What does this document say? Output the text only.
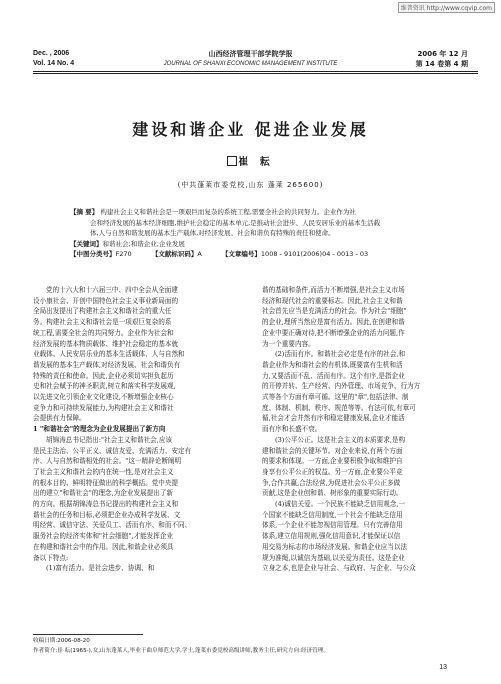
维普资讯 http://www.cqvip.com
Dec. , 2006
Vol. 14 No. 4
山西经济管理干部学院学报
JOURNAL OF SHANXI ECONOMIC MANAGEMENT INSTITUTE
2006 年 12 月
第 14 卷第 4 期
建设和谐企业 促进企业发展
崔 耘
(中共蓬莱市委党校,山东 蓬莱 265600)
【摘 要】 构建社会主义和谐社会是一项艰巨而复杂的系统工程,需要全社会的共同努力。企业作为社
会和经济发展的基本经济细胞,维护社会稳定的基本单元,是推动社会进步、人民安居乐业的基本生活载
体,人与自然和谐发展的基本生产载体,对经济发展、社会和谐负有特殊的责任和使命。
【关键词】和谐社会;和谐企业;企业发展
【中图分类号】F270	【文献标识码】A	【文章编号】1008 - 9101(2006)04 - 0013 - 03
党的十六大和十六届三中、四中全会从全面建
设小康社会、开创中国特色社会主义事业新局面的
全局出发提出了构建社会主义和谐社会的重大任
务。构建社会主义和谐社会是一项艰巨复杂的系
统工程,需要全社会的共同努力。企业作为社会和
经济发展的基本物质载体、维护社会稳定的基本就
业载体、人民安居乐业的基本生活载体、人与自然和
谐发展的基本生产载体,对经济发展、社会和谐负有
特殊的责任和使命。因此,企业必须切实担负起历
史和社会赋予的神圣职责,树立和落实科学发展观,
以先进文化引领企业文化建设,不断增强企业核心
竞争力和可持续发展能力,为构建社会主义和谐社
会提供有力保障。
1 "和谐社会"的理念为企业发展提出了新方向
胡锦涛总书记指出:"社会主义和谐社会,应该
是民主法治、公平正义、诚信友爱、充满活力、安定有
序、人与自然和谐相处的社会。"这一精辟论断阐明
了社会主义和谐社会的内在统一性,是对社会主义
的根本目的、鲜明特征做出的科学概括。党中央提
出的建立"和谐社会"的理念,为企业发展提出了新
的方向。根据胡锦涛总书记提出的构建社会主义和
谐社会的任务和目标,必须把企业办成科学发展、文
明经营、诚信守法、关爱员工、活而有序、和而不同、
服务社会的经济实体和"社会细胞",才能发挥企业
在构建和谐社会中的作用。因此,和谐企业必须具
备以下特点:
(1)富有活力。是社会进步、协调、和
谐的基础和条件,而活力不断增强,是社会主义市场
经济和现代社会的重要标志。因此,社会主义和谐
社会首先应当是充满活力的社会。作为社会"细胞"
的企业,理所当然应是富有活力。因此,在创建和谐
企业中要正确对待,把不断增强企业的活力问题,作
为一个重要内容。
(2)活而有序。和谐社会必定是有序的社会,和
谐企业作为和谐社会的有机体,既要富有生机和活
力,又要活而不乱、活而有序。这个有序,是指企业
的开停并转、生产经营、内外管理、市场竞争、行为方
式等各个方面有章可循。这里的"章",包括法律、制
度、体制、机制、秩序、规范等等。有法可依,有章可
循,社会才会井然有序和稳定健康发展,企业才能活
而有序和长盛不衰。
(3)公平公正。这是社会主义的本质要求,是构
建和谐社会的关键环节。对企业来说,有两个方面
的要求和体现。一方面,企业要积极争取和维护自
身享有公平公正的权益。另一方面,企业要公平竞
争,合作共赢,合法经营,为促进社会公平公正多做
贡献,这是企业创和谐、树形象的重要实际行动。
(4)诚信关爱。一个民族不能缺乏信用观念,一
个国家不能缺乏信用制度,一个社会不能缺乏信用
体系,一个企业不能忽视信用管理。只有完善信用
体系,建立信用规则,强化信用意识,才能保证以信
用交易为标志的市场经济发展。和谐企业应当以法
规为准绳,以诚信为基础,以关爱为责任。这是企业
立身之本,也是企业与社会、与政府、与企业、与公众
收稿日期:2006-08-20
作者简介:崔 耘(1965-),女,山东蓬莱人,毕业于曲阜师范大学,学士,蓬莱市委党校高级讲师,教务主任,研究方向:经济管理。
13
